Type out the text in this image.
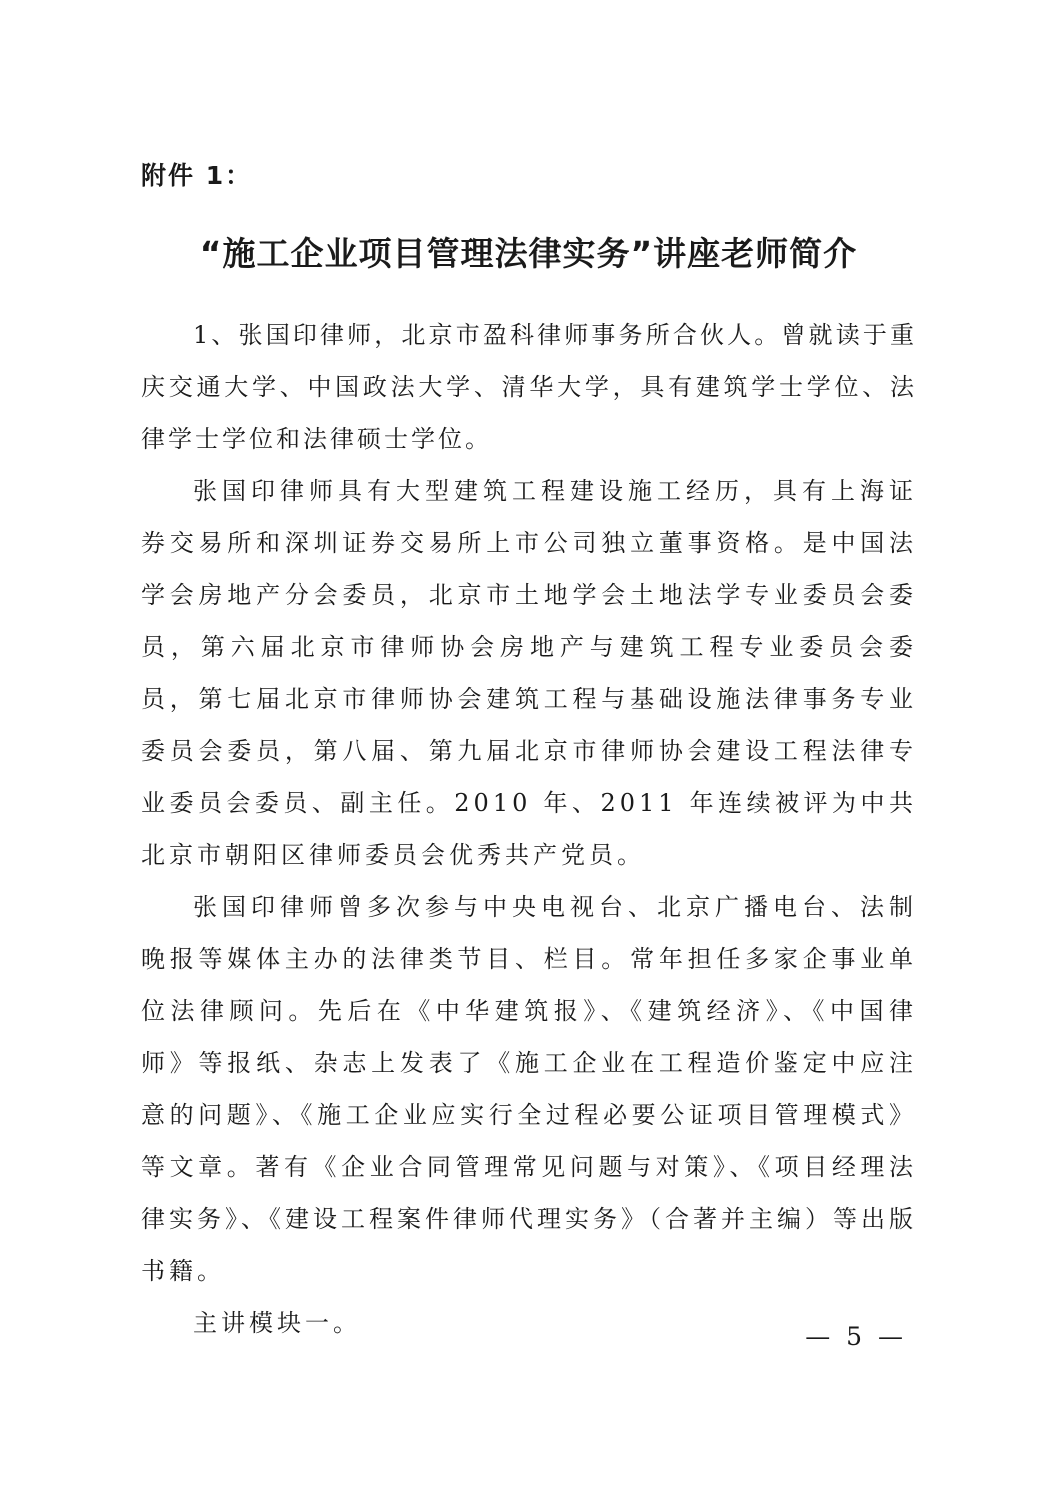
附件 1：
“施工企业项目管理法律实务”讲座老师简介

1、张国印律师，北京市盈科律师事务所合伙人。曾就读于重庆交通大学、中国政法大学、清华大学，具有建筑学士学位、法律学士学位和法律硕士学位。

张国印律师具有大型建筑工程建设施工经历，具有上海证券交易所和深圳证券交易所上市公司独立董事资格。是中国法学会房地产分会委员，北京市土地学会土地法学专业委员会委员，第六届北京市律师协会房地产与建筑工程专业委员会委员，第七届北京市律师协会建筑工程与基础设施法律事务专业委员会委员，第八届、第九届北京市律师协会建设工程法律专业委员会委员、副主任。2010 年、2011 年连续被评为中共北京市朝阳区律师委员会优秀共产党员。

张国印律师曾多次参与中央电视台、北京广播电台、法制晚报等媒体主办的法律类节目、栏目。常年担任多家企事业单位法律顾问。先后在《中华建筑报》、《建筑经济》、《中国律师》等报纸、杂志上发表了《施工企业在工程造价鉴定中应注意的问题》、《施工企业应实行全过程必要公证项目管理模式》等文章。著有《企业合同管理常见问题与对策》、《项目经理法律实务》、《建设工程案件律师代理实务》（合著并主编）等出版书籍。

主讲模块一。	— 5 —
